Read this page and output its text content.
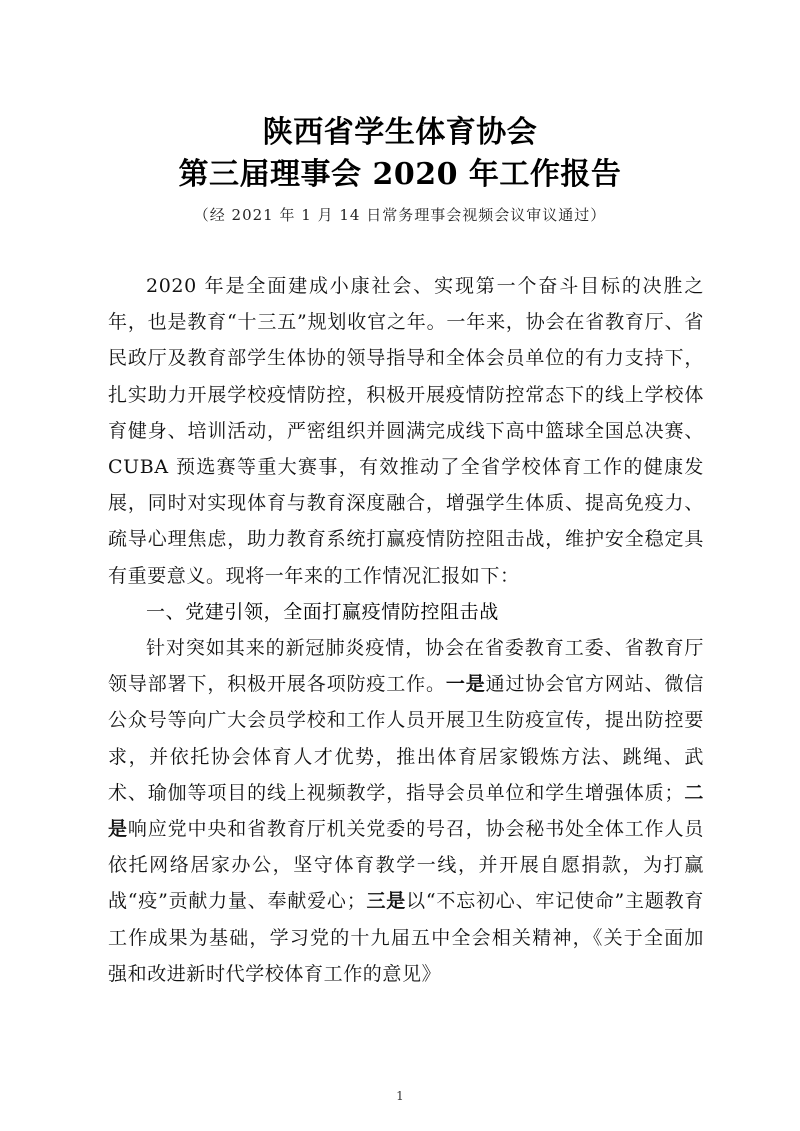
陕西省学生体育协会
第三届理事会 2020 年工作报告
（经 2021 年 1 月 14 日常务理事会视频会议审议通过）

2020 年是全面建成小康社会、实现第一个奋斗目标的决胜之年，也是教育“十三五”规划收官之年。一年来，协会在省教育厅、省民政厅及教育部学生体协的领导指导和全体会员单位的有力支持下，扎实助力开展学校疫情防控，积极开展疫情防控常态下的线上学校体育健身、培训活动，严密组织并圆满完成线下高中篮球全国总决赛、CUBA 预选赛等重大赛事，有效推动了全省学校体育工作的健康发展，同时对实现体育与教育深度融合，增强学生体质、提高免疫力、疏导心理焦虑，助力教育系统打赢疫情防控阻击战，维护安全稳定具有重要意义。现将一年来的工作情况汇报如下：

一、党建引领，全面打赢疫情防控阻击战

针对突如其来的新冠肺炎疫情，协会在省委教育工委、省教育厅领导部署下，积极开展各项防疫工作。一是通过协会官方网站、微信公众号等向广大会员学校和工作人员开展卫生防疫宣传，提出防控要求，并依托协会体育人才优势，推出体育居家锻炼方法、跳绳、武术、瑜伽等项目的线上视频教学，指导会员单位和学生增强体质；二是响应党中央和省教育厅机关党委的号召，协会秘书处全体工作人员依托网络居家办公，坚守体育教学一线，并开展自愿捐款，为打赢战“疫”贡献力量、奉献爱心；三是以“不忘初心、牢记使命”主题教育工作成果为基础，学习党的十九届五中全会相关精神，《关于全面加强和改进新时代学校体育工作的意见》

1
